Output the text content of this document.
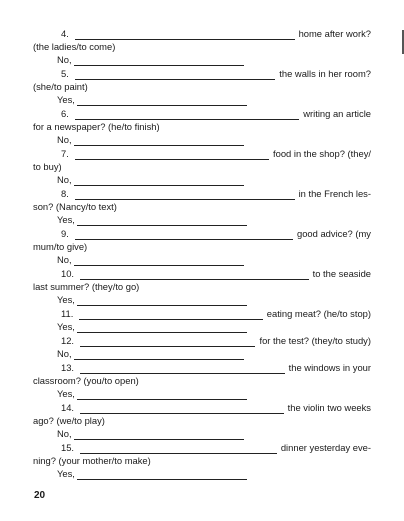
4.	home after work?
(the ladies/to come)
No,
5.	the walls in her room?
(she/to paint)
Yes,
6.	writing an article
for a newspaper? (he/to finish)
No,
7.	food in the shop? (they/
to buy)
No,
8.	in the French les-
son? (Nancy/to text)
Yes,
9.	good advice? (my
mum/to give)
No,
10.	to the seaside
last summer? (they/to go)
Yes,
11.	eating meat? (he/to stop)
Yes,
12.	for the test? (they/to study)
No,
13.	the windows in your
classroom? (you/to open)
Yes,
14.	the violin two weeks
ago? (we/to play)
No,
15.	dinner yesterday eve-
ning? (your mother/to make)
Yes,
20
